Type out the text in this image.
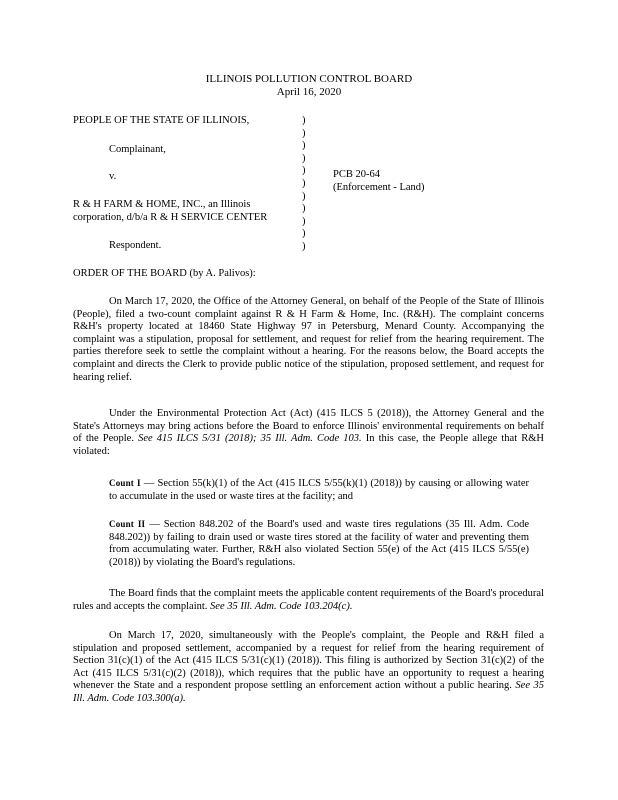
ILLINOIS POLLUTION CONTROL BOARD
April 16, 2020
PEOPLE OF THE STATE OF ILLINOIS,
Complainant,
v.
R & H FARM & HOME, INC., an Illinois
corporation, d/b/a R & H SERVICE CENTER
Respondent.
)
)
)
)
)
)
)
)
)
)
)
PCB 20-64
(Enforcement - Land)
ORDER OF THE BOARD (by A. Palivos):
On March 17, 2020, the Office of the Attorney General, on behalf of the People of the State of Illinois (People), filed a two-count complaint against R & H Farm & Home, Inc. (R&H). The complaint concerns R&H's property located at 18460 State Highway 97 in Petersburg, Menard County. Accompanying the complaint was a stipulation, proposal for settlement, and request for relief from the hearing requirement. The parties therefore seek to settle the complaint without a hearing. For the reasons below, the Board accepts the complaint and directs the Clerk to provide public notice of the stipulation, proposed settlement, and request for hearing relief.
Under the Environmental Protection Act (Act) (415 ILCS 5 (2018)), the Attorney General and the State's Attorneys may bring actions before the Board to enforce Illinois' environmental requirements on behalf of the People. See 415 ILCS 5/31 (2018); 35 Ill. Adm. Code 103. In this case, the People allege that R&H violated:
Count I — Section 55(k)(1) of the Act (415 ILCS 5/55(k)(1) (2018)) by causing or allowing water to accumulate in the used or waste tires at the facility; and
Count II — Section 848.202 of the Board's used and waste tires regulations (35 Ill. Adm. Code 848.202)) by failing to drain used or waste tires stored at the facility of water and preventing them from accumulating water. Further, R&H also violated Section 55(e) of the Act (415 ILCS 5/55(e) (2018)) by violating the Board's regulations.
The Board finds that the complaint meets the applicable content requirements of the Board's procedural rules and accepts the complaint. See 35 Ill. Adm. Code 103.204(c).
On March 17, 2020, simultaneously with the People's complaint, the People and R&H filed a stipulation and proposed settlement, accompanied by a request for relief from the hearing requirement of Section 31(c)(1) of the Act (415 ILCS 5/31(c)(1) (2018)). This filing is authorized by Section 31(c)(2) of the Act (415 ILCS 5/31(c)(2) (2018)), which requires that the public have an opportunity to request a hearing whenever the State and a respondent propose settling an enforcement action without a public hearing. See 35 Ill. Adm. Code 103.300(a).
